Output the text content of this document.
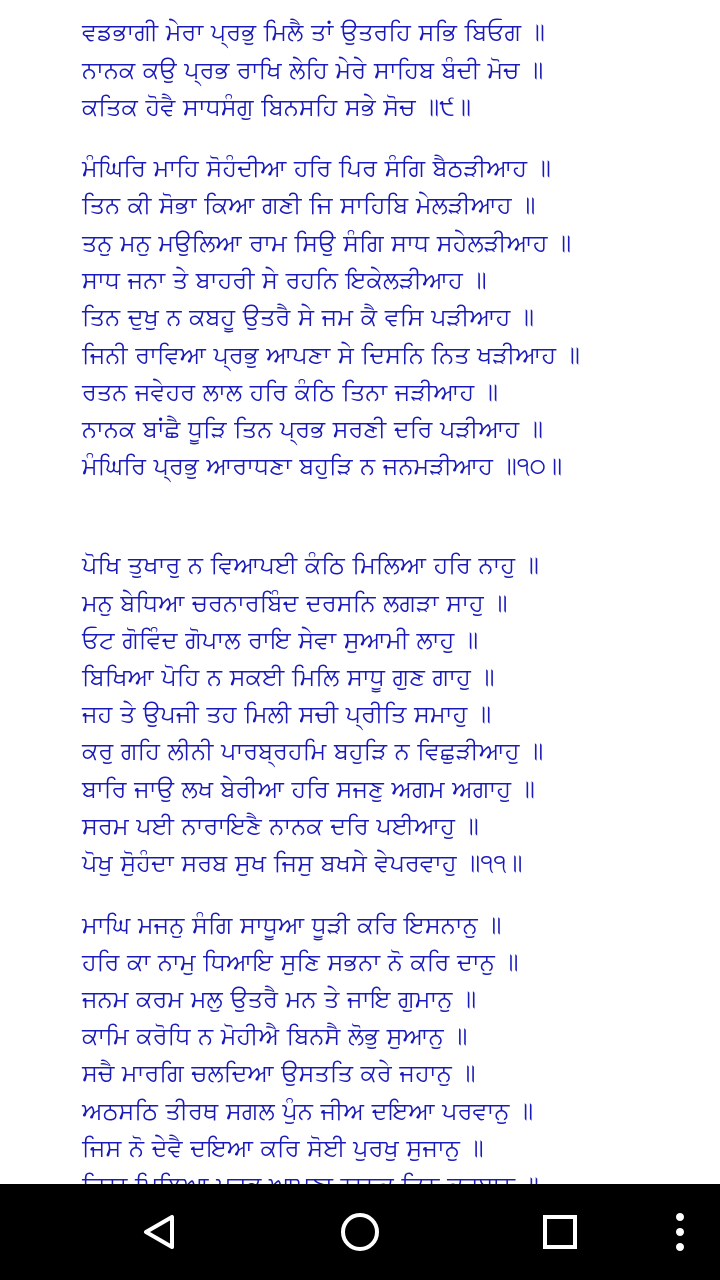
ਵਡਭਾਗੀ ਮੇਰਾ ਪ੍ਰਭੁ ਮਿਲੈ ਤਾਂ ਉਤਰਹਿ ਸਭਿ ਬਿਓਗ ॥
ਨਾਨਕ ਕਉ ਪ੍ਰਭ ਰਾਖਿ ਲੇਹਿ ਮੇਰੇ ਸਾਹਿਬ ਬੰਦੀ ਮੋਚ ॥
ਕਤਿਕ ਹੋਵੈ ਸਾਧਸੰਗੁ ਬਿਨਸਹਿ ਸਭੇ ਸੋਚ ॥੯॥
ਮੰਘਿਰਿ ਮਾਹਿ ਸੋਹੰਦੀਆ ਹਰਿ ਪਿਰ ਸੰਗਿ ਬੈਠੜੀਆਹ ॥
ਤਿਨ ਕੀ ਸੋਭਾ ਕਿਆ ਗਣੀ ਜਿ ਸਾਹਿਬਿ ਮੇਲੜੀਆਹ ॥
ਤਨੁ ਮਨੁ ਮਉਲਿਆ ਰਾਮ ਸਿਉ ਸੰਗਿ ਸਾਧ ਸਹੇਲੜੀਆਹ ॥
ਸਾਧ ਜਨਾ ਤੇ ਬਾਹਰੀ ਸੇ ਰਹਨਿ ਇਕੇਲੜੀਆਹ ॥
ਤਿਨ ਦੁਖੁ ਨ ਕਬਹੂ ਉਤਰੈ ਸੇ ਜਮ ਕੈ ਵਸਿ ਪੜੀਆਹ ॥
ਜਿਨੀ ਰਾਵਿਆ ਪ੍ਰਭੁ ਆਪਣਾ ਸੇ ਦਿਸਨਿ ਨਿਤ ਖੜੀਆਹ ॥
ਰਤਨ ਜਵੇਹਰ ਲਾਲ ਹਰਿ ਕੰਠਿ ਤਿਨਾ ਜੜੀਆਹ ॥
ਨਾਨਕ ਬਾਂਛੈ ਧੂੜਿ ਤਿਨ ਪ੍ਰਭ ਸਰਣੀ ਦਰਿ ਪੜੀਆਹ ॥
ਮੰਘਿਰਿ ਪ੍ਰਭੁ ਆਰਾਧਣਾ ਬਹੁੜਿ ਨ ਜਨਮੜੀਆਹ ॥੧੦॥
ਪੋਖਿ ਤੁਖਾਰੁ ਨ ਵਿਆਪਈ ਕੰਠਿ ਮਿਲਿਆ ਹਰਿ ਨਾਹੁ ॥
ਮਨੁ ਬੇਧਿਆ ਚਰਨਾਰਬਿੰਦ ਦਰਸਨਿ ਲਗੜਾ ਸਾਹੁ ॥
ਓਟ ਗੋਵਿੰਦ ਗੋਪਾਲ ਰਾਇ ਸੇਵਾ ਸੁਆਮੀ ਲਾਹੁ ॥
ਬਿਖਿਆ ਪੋਹਿ ਨ ਸਕਈ ਮਿਲਿ ਸਾਧੂ ਗੁਣ ਗਾਹੁ ॥
ਜਹ ਤੇ ਉਪਜੀ ਤਹ ਮਿਲੀ ਸਚੀ ਪ੍ਰੀਤਿ ਸਮਾਹੁ ॥
ਕਰੁ ਗਹਿ ਲੀਨੀ ਪਾਰਬ੍ਰਹਮਿ ਬਹੁੜਿ ਨ ਵਿਛੁੜੀਆਹੁ ॥
ਬਾਰਿ ਜਾਉ ਲਖ ਬੇਰੀਆ ਹਰਿ ਸਜਣੁ ਅਗਮ ਅਗਾਹੁ ॥
ਸਰਮ ਪਈ ਨਾਰਾਇਣੈ ਨਾਨਕ ਦਰਿ ਪਈਆਹੁ ॥
ਪੋਖੁ ਸੋੁਹੰਦਾ ਸਰਬ ਸੁਖ ਜਿਸੁ ਬਖਸੇ ਵੇਪਰਵਾਹੁ ॥੧੧॥
ਮਾਘਿ ਮਜਨੁ ਸੰਗਿ ਸਾਧੂਆ ਧੂੜੀ ਕਰਿ ਇਸਨਾਨੁ ॥
ਹਰਿ ਕਾ ਨਾਮੁ ਧਿਆਇ ਸੁਣਿ ਸਭਨਾ ਨੋ ਕਰਿ ਦਾਨੁ ॥
ਜਨਮ ਕਰਮ ਮਲੁ ਉਤਰੈ ਮਨ ਤੇ ਜਾਇ ਗੁਮਾਨੁ ॥
ਕਾਮਿ ਕਰੋਧਿ ਨ ਮੋਹੀਐ ਬਿਨਸੈ ਲੋਭੁ ਸੁਆਨੁ ॥
ਸਚੈ ਮਾਰਗਿ ਚਲਦਿਆ ਉਸਤਤਿ ਕਰੇ ਜਹਾਨੁ ॥
ਅਠਸਠਿ ਤੀਰਥ ਸਗਲ ਪੁੰਨ ਜੀਅ ਦਇਆ ਪਰਵਾਨੁ ॥
ਜਿਸ ਨੋ ਦੇਵੈ ਦਇਆ ਕਰਿ ਸੋਈ ਪੁਰਖੁ ਸੁਜਾਨੁ ॥
